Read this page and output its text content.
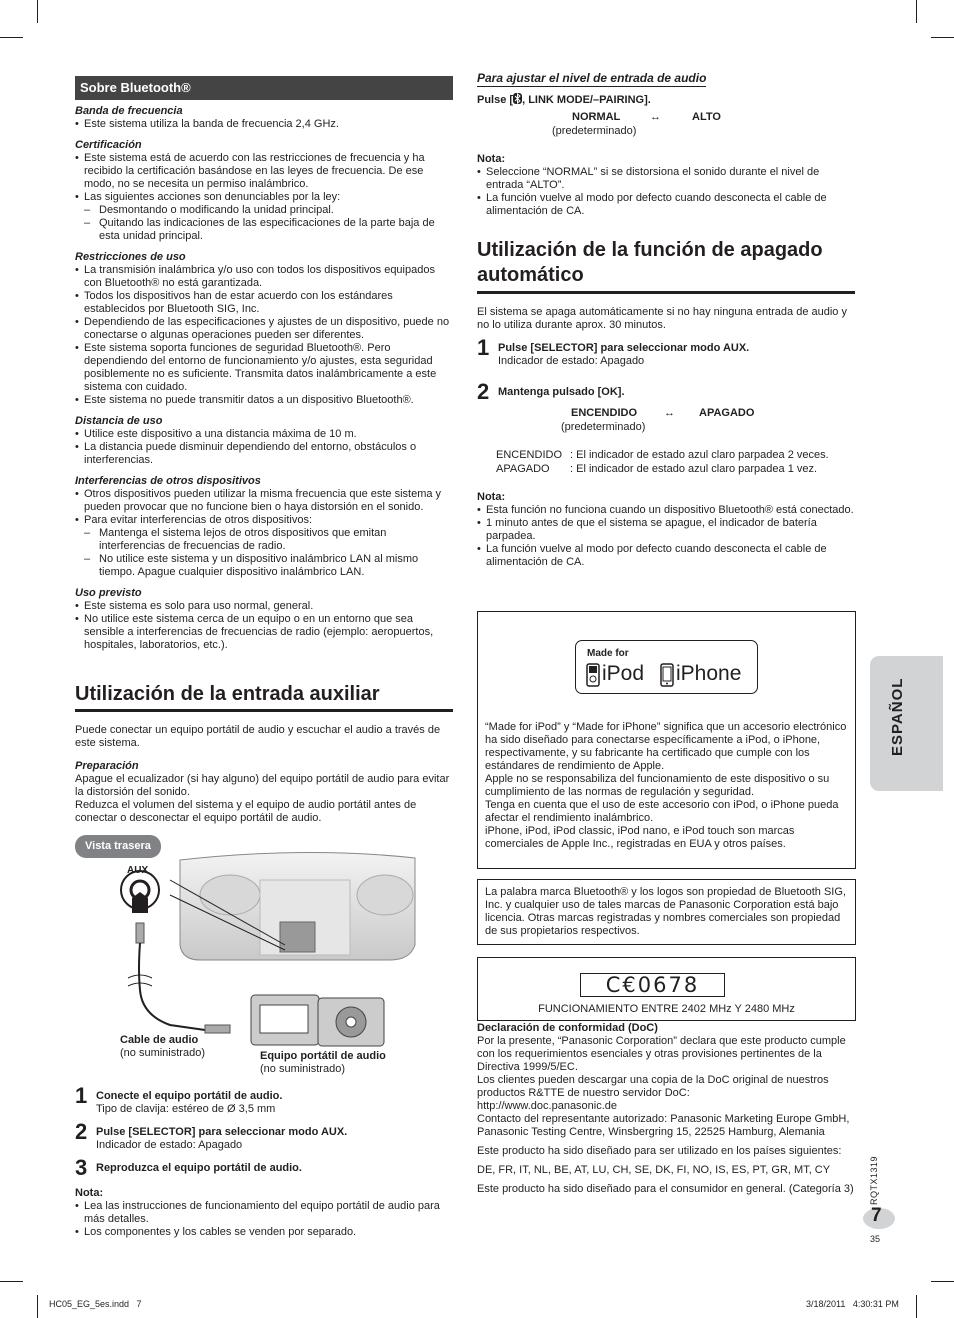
Sobre Bluetooth®
Banda de frecuencia
• Este sistema utiliza la banda de frecuencia 2,4 GHz.
Certificación
• Este sistema está de acuerdo con las restricciones de frecuencia y ha recibido la certificación basándose en las leyes de frecuencia. De ese modo, no se necesita un permiso inalámbrico.
• Las siguientes acciones son denunciables por la ley:
– Desmontando o modificando la unidad principal.
– Quitando las indicaciones de las especificaciones de la parte baja de esta unidad principal.
Restricciones de uso
• La transmisión inalámbrica y/o uso con todos los dispositivos equipados con Bluetooth® no está garantizada.
• Todos los dispositivos han de estar acuerdo con los estándares establecidos por Bluetooth SIG, Inc.
• Dependiendo de las especificaciones y ajustes de un dispositivo, puede no conectarse o algunas operaciones pueden ser diferentes.
• Este sistema soporta funciones de seguridad Bluetooth®. Pero dependiendo del entorno de funcionamiento y/o ajustes, esta seguridad posiblemente no es suficiente. Transmita datos inalámbricamente a este sistema con cuidado.
• Este sistema no puede transmitir datos a un dispositivo Bluetooth®.
Distancia de uso
• Utilice este dispositivo a una distancia máxima de 10 m.
• La distancia puede disminuir dependiendo del entorno, obstáculos o interferencias.
Interferencias de otros dispositivos
• Otros dispositivos pueden utilizar la misma frecuencia que este sistema y pueden provocar que no funcione bien o haya distorsión en el sonido.
• Para evitar interferencias de otros dispositivos:
– Mantenga el sistema lejos de otros dispositivos que emitan interferencias de frecuencias de radio.
– No utilice este sistema y un dispositivo inalámbrico LAN al mismo tiempo. Apague cualquier dispositivo inalámbrico LAN.
Uso previsto
• Este sistema es solo para uso normal, general.
• No utilice este sistema cerca de un equipo o en un entorno que sea sensible a interferencias de frecuencias de radio (ejemplo: aeropuertos, hospitales, laboratorios, etc.).
Utilización de la entrada auxiliar
Puede conectar un equipo portátil de audio y escuchar el audio a través de este sistema.
Preparación
Apague el ecualizador (si hay alguno) del equipo portátil de audio para evitar la distorsión del sonido.
Reduzca el volumen del sistema y el equipo de audio portátil antes de conectar o desconectar el equipo portátil de audio.
Vista trasera
AUX
Cable de audio
(no suministrado)	Equipo portátil de audio
(no suministrado)
1 Conecte el equipo portátil de audio.
Tipo de clavija: estéreo de Ø 3,5 mm
2 Pulse [SELECTOR] para seleccionar modo AUX.
Indicador de estado: Apagado
3 Reproduzca el equipo portátil de audio.
Nota:
• Lea las instrucciones de funcionamiento del equipo portátil de audio para más detalles.
• Los componentes y los cables se venden por separado.
Para ajustar el nivel de entrada de audio
Pulse [ , LINK MODE/–PAIRING].
NORMAL	↔	ALTO
(predeterminado)
Nota:
• Seleccione “NORMAL” si se distorsiona el sonido durante el nivel de entrada “ALTO”.
• La función vuelve al modo por defecto cuando desconecta el cable de alimentación de CA.
Utilización de la función de apagado automático
El sistema se apaga automáticamente si no hay ninguna entrada de audio y no lo utiliza durante aprox. 30 minutos.
1 Pulse [SELECTOR] para seleccionar modo AUX.
Indicador de estado: Apagado
2 Mantenga pulsado [OK].
ENCENDIDO ↔ APAGADO
(predeterminado)
ENCENDIDO : El indicador de estado azul claro parpadea 2 veces.
APAGADO : El indicador de estado azul claro parpadea 1 vez.
Nota:
• Esta función no funciona cuando un dispositivo Bluetooth® está conectado.
• 1 minuto antes de que el sistema se apague, el indicador de batería parpadea.
• La función vuelve al modo por defecto cuando desconecta el cable de alimentación de CA.
Made for
iPod iPhone
“Made for iPod” y “Made for iPhone” significa que un accesorio electrónico ha sido diseñado para conectarse específicamente a iPod, o iPhone, respectivamente, y su fabricante ha certificado que cumple con los estándares de rendimiento de Apple.
Apple no se responsabiliza del funcionamiento de este dispositivo o su cumplimiento de las normas de regulación y seguridad.
Tenga en cuenta que el uso de este accesorio con iPod, o iPhone pueda afectar el rendimiento inalámbrico.
iPhone, iPod, iPod classic, iPod nano, e iPod touch son marcas comerciales de Apple Inc., registradas en EUA y otros países.
La palabra marca Bluetooth® y los logos son propiedad de Bluetooth SIG, Inc. y cualquier uso de tales marcas de Panasonic Corporation está bajo licencia. Otras marcas registradas y nombres comerciales son propiedad de sus propietarios respectivos.
C€0678
FUNCIONAMIENTO ENTRE 2402 MHz Y 2480 MHz
Declaración de conformidad (DoC)
Por la presente, “Panasonic Corporation” declara que este producto cumple con los requerimientos esenciales y otras provisiones pertinentes de la Directiva 1999/5/EC.
Los clientes pueden descargar una copia de la DoC original de nuestros productos R&TTE de nuestro servidor DoC:
http://www.doc.panasonic.de
Contacto del representante autorizado: Panasonic Marketing Europe GmbH, Panasonic Testing Centre, Winsbergring 15, 22525 Hamburg, Alemania
Este producto ha sido diseñado para ser utilizado en los países siguientes:
DE, FR, IT, NL, BE, AT, LU, CH, SE, DK, FI, NO, IS, ES, PT, GR, MT, CY
Este producto ha sido diseñado para el consumidor en general. (Categoría 3)
ESPAÑOL
RQTX1319
7
35
HC05_EG_5es.indd   7	3/18/2011   4:30:31 PM
